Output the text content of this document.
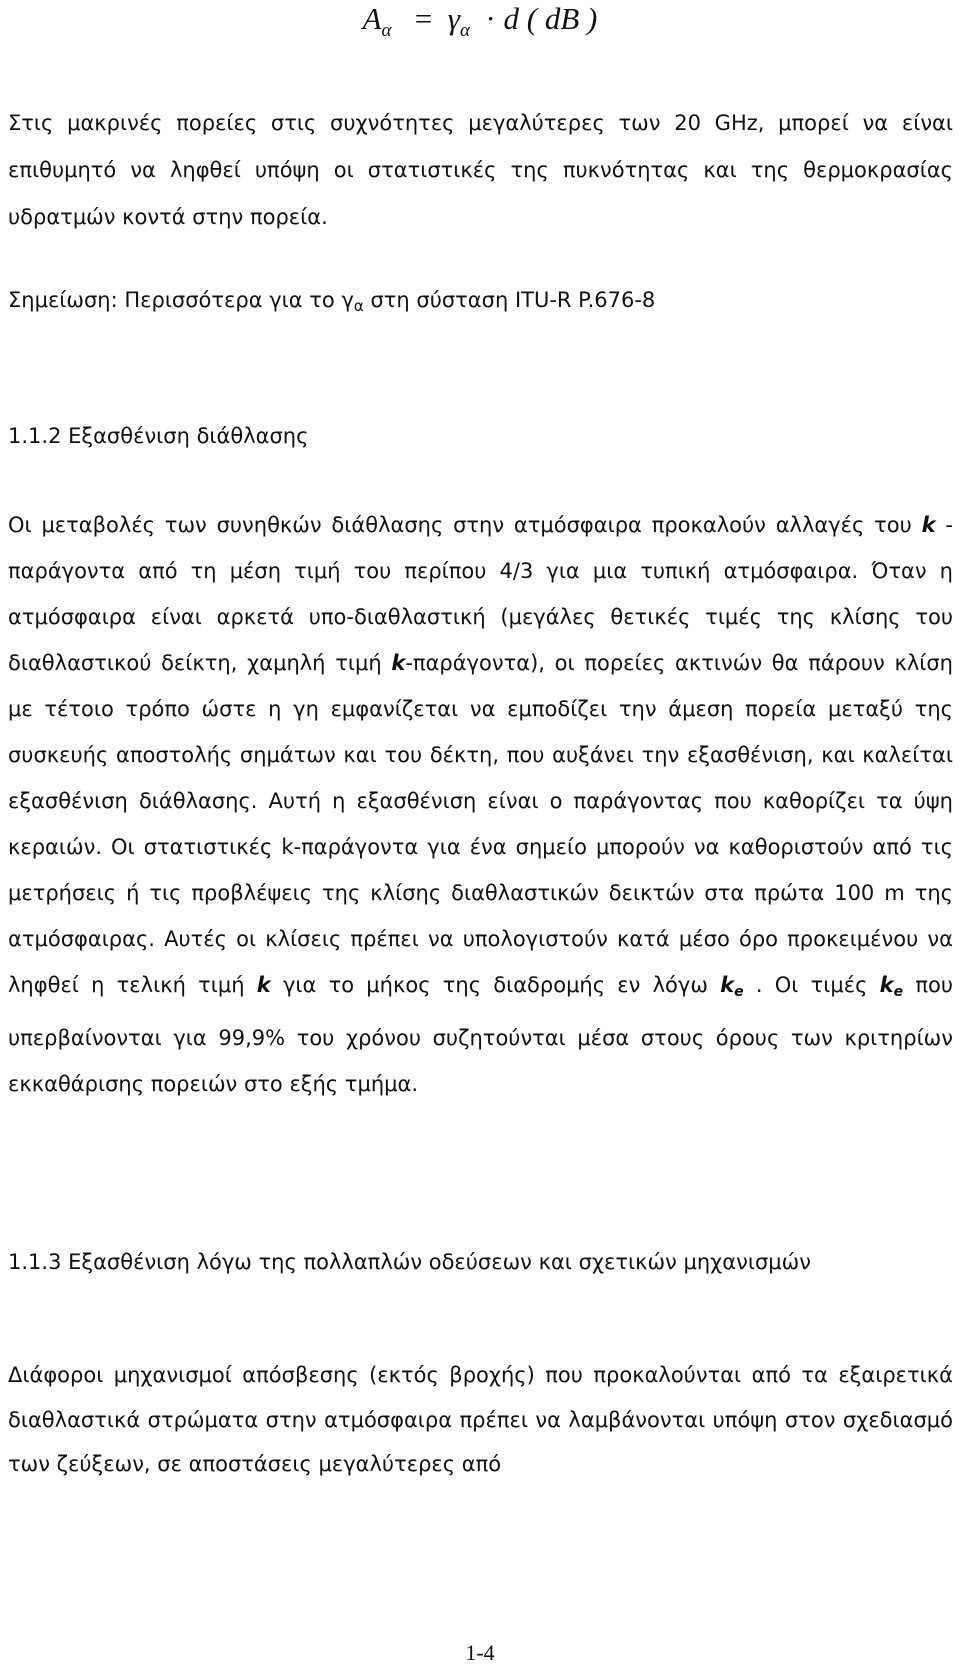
$A_\alpha = \gamma_\alpha \cdot d$ ( dB )

Στις μακρινές πορείες στις συχνότητες μεγαλύτερες των 20 GHz, μπορεί να είναι επιθυμητό να ληφθεί υπόψη οι στατιστικές της πυκνότητας και της θερμοκρασίας υδρατμών κοντά στην πορεία.

Σημείωση: Περισσότερα για το γα στη σύσταση ITU-R P.676-8

1.1.2 Εξασθένιση διάθλασης

Οι μεταβολές των συνηθκών διάθλασης στην ατμόσφαιρα προκαλούν αλλαγές του k - παράγοντα από τη μέση τιμή του περίπου 4/3 για μια τυπική ατμόσφαιρα. Όταν η ατμόσφαιρα είναι αρκετά υπο-διαθλαστική (μεγάλες θετικές τιμές της κλίσης του διαθλαστικού δείκτη, χαμηλή τιμή k-παράγοντα), οι πορείες ακτινών θα πάρουν κλίση με τέτοιο τρόπο ώστε η γη εμφανίζεται να εμποδίζει την άμεση πορεία μεταξύ της συσκευής αποστολής σημάτων και του δέκτη, που αυξάνει την εξασθένιση, και καλείται εξασθένιση διάθλασης. Αυτή η εξασθένιση είναι ο παράγοντας που καθορίζει τα ύψη κεραιών. Οι στατιστικές k-παράγοντα για ένα σημείο μπορούν να καθοριστούν από τις μετρήσεις ή τις προβλέψεις της κλίσης διαθλαστικών δεικτών στα πρώτα 100 m της ατμόσφαιρας. Αυτές οι κλίσεις πρέπει να υπολογιστούν κατά μέσο όρο προκειμένου να ληφθεί η τελική τιμή k για το μήκος της διαδρομής εν λόγω ke . Οι τιμές ke που υπερβαίνονται για 99,9% του χρόνου συζητούνται μέσα στους όρους των κριτηρίων εκκαθάρισης πορειών στο εξής τμήμα.

1.1.3 Εξασθένιση λόγω της πολλαπλών οδεύσεων και σχετικών μηχανισμών

Διάφοροι μηχανισμοί απόσβεσης (εκτός βροχής) που προκαλούνται από τα εξαιρετικά διαθλαστικά στρώματα στην ατμόσφαιρα πρέπει να λαμβάνονται υπόψη στον σχεδιασμό των ζεύξεων, σε αποστάσεις μεγαλύτερες από

1-4
